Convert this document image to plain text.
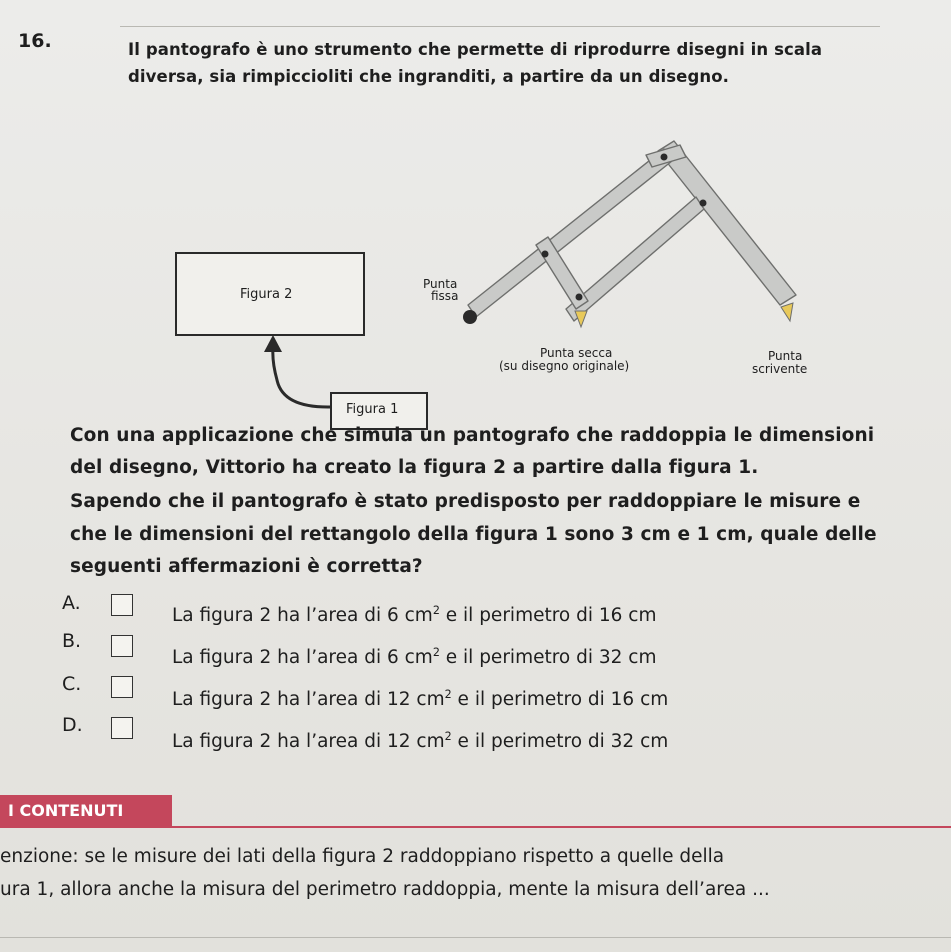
16.	Il pantografo è uno strumento che permette di riprodurre disegni in scala
diversa, sia rimpiccioliti che ingranditi, a partire da un disegno.
Figura 2
Figura 1
Punta
fissa
Punta secca
(su disegno originale)
Punta
scrivente
Con una applicazione che simula un pantografo che raddoppia le dimensioni
del disegno, Vittorio ha creato la figura 2 a partire dalla figura 1.
Sapendo che il pantografo è stato predisposto per raddoppiare le misure e
che le dimensioni del rettangolo della figura 1 sono 3 cm e 1 cm, quale delle
seguenti affermazioni è corretta?
A.
La figura 2 ha l’area di 6 $cm^2$ e il perimetro di 16 cm
B.
La figura 2 ha l’area di 6 $cm^2$ e il perimetro di 32 cm
C.
La figura 2 ha l’area di 12 $cm^2$ e il perimetro di 16 cm
D.
La figura 2 ha l’area di 12 $cm^2$ e il perimetro di 32 cm
I CONTENUTI
enzione: se le misure dei lati della figura 2 raddoppiano rispetto a quelle della
ura 1, allora anche la misura del perimetro raddoppia, mente la misura dell’area ...
